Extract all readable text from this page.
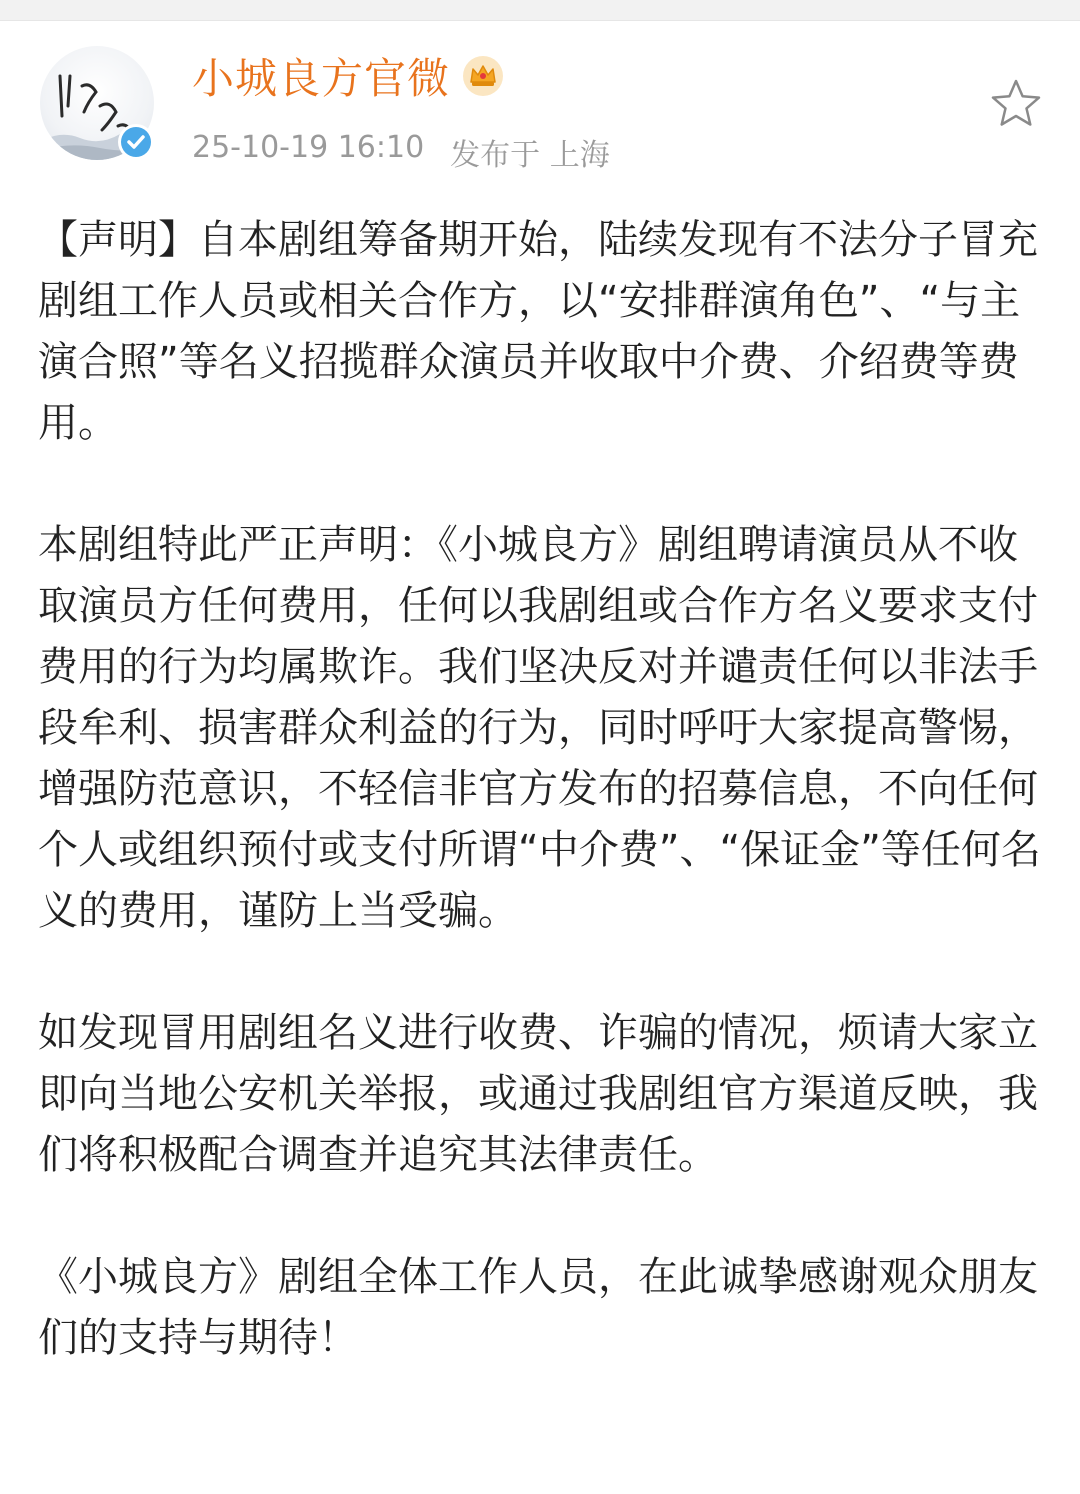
小城良方
小城良方官微
25-10-19 16:10 发布于 上海

【声明】自本剧组筹备期开始，陆续发现有不法分子冒充剧组工作人员或相关合作方，以“安排群演角色”、“与主演合照”等名义招揽群众演员并收取中介费、介绍费等费用。

本剧组特此严正声明：《小城良方》剧组聘请演员从不收取演员方任何费用，任何以我剧组或合作方名义要求支付费用的行为均属欺诈。我们坚决反对并谴责任何以非法手段牟利、损害群众利益的行为，同时呼吁大家提高警惕，增强防范意识，不轻信非官方发布的招募信息，不向任何个人或组织预付或支付所谓“中介费”、“保证金”等任何名义的费用，谨防上当受骗。

如发现冒用剧组名义进行收费、诈骗的情况，烦请大家立即向当地公安机关举报，或通过我剧组官方渠道反映，我们将积极配合调查并追究其法律责任。

《小城良方》剧组全体工作人员，在此诚挚感谢观众朋友们的支持与期待！
